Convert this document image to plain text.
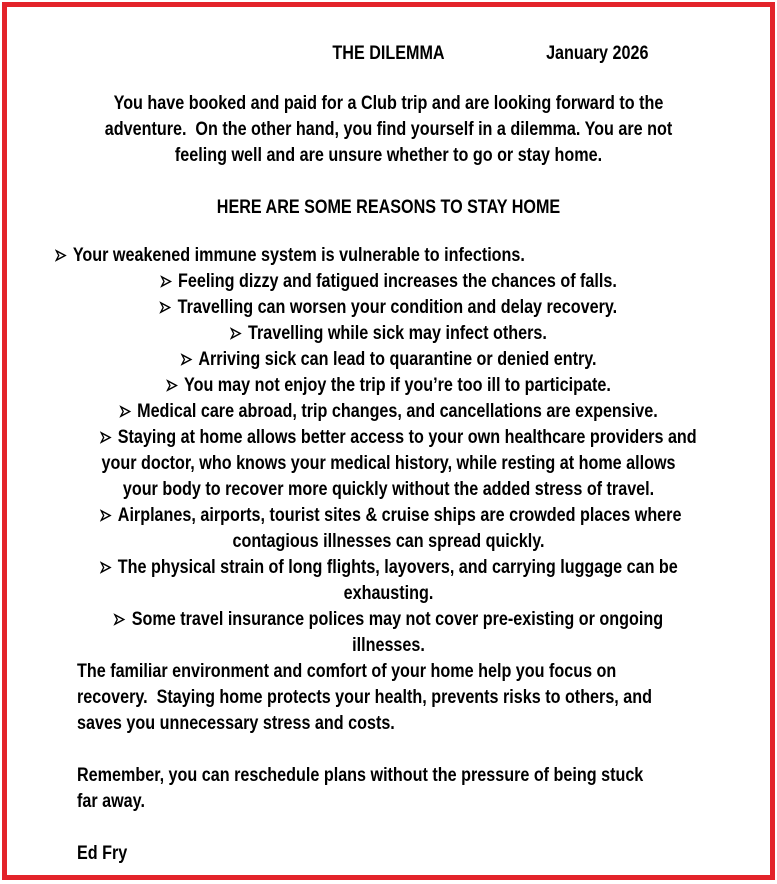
THE DILEMMA	January 2026
You have booked and paid for a Club trip and are looking forward to the
adventure.  On the other hand, you find yourself in a dilemma. You are not
feeling well and are unsure whether to go or stay home.
HERE ARE SOME REASONS TO STAY HOME
Your weakened immune system is vulnerable to infections.
Feeling dizzy and fatigued increases the chances of falls.
Travelling can worsen your condition and delay recovery.
Travelling while sick may infect others.
Arriving sick can lead to quarantine or denied entry.
You may not enjoy the trip if you’re too ill to participate.
Medical care abroad, trip changes, and cancellations are expensive.
Staying at home allows better access to your own healthcare providers and
your doctor, who knows your medical history, while resting at home allows
your body to recover more quickly without the added stress of travel.
Airplanes, airports, tourist sites & cruise ships are crowded places where
contagious illnesses can spread quickly.
The physical strain of long flights, layovers, and carrying luggage can be
exhausting.
Some travel insurance polices may not cover pre-existing or ongoing
illnesses.
The familiar environment and comfort of your home help you focus on
recovery.  Staying home protects your health, prevents risks to others, and
saves you unnecessary stress and costs.
Remember, you can reschedule plans without the pressure of being stuck
far away.
Ed Fry
